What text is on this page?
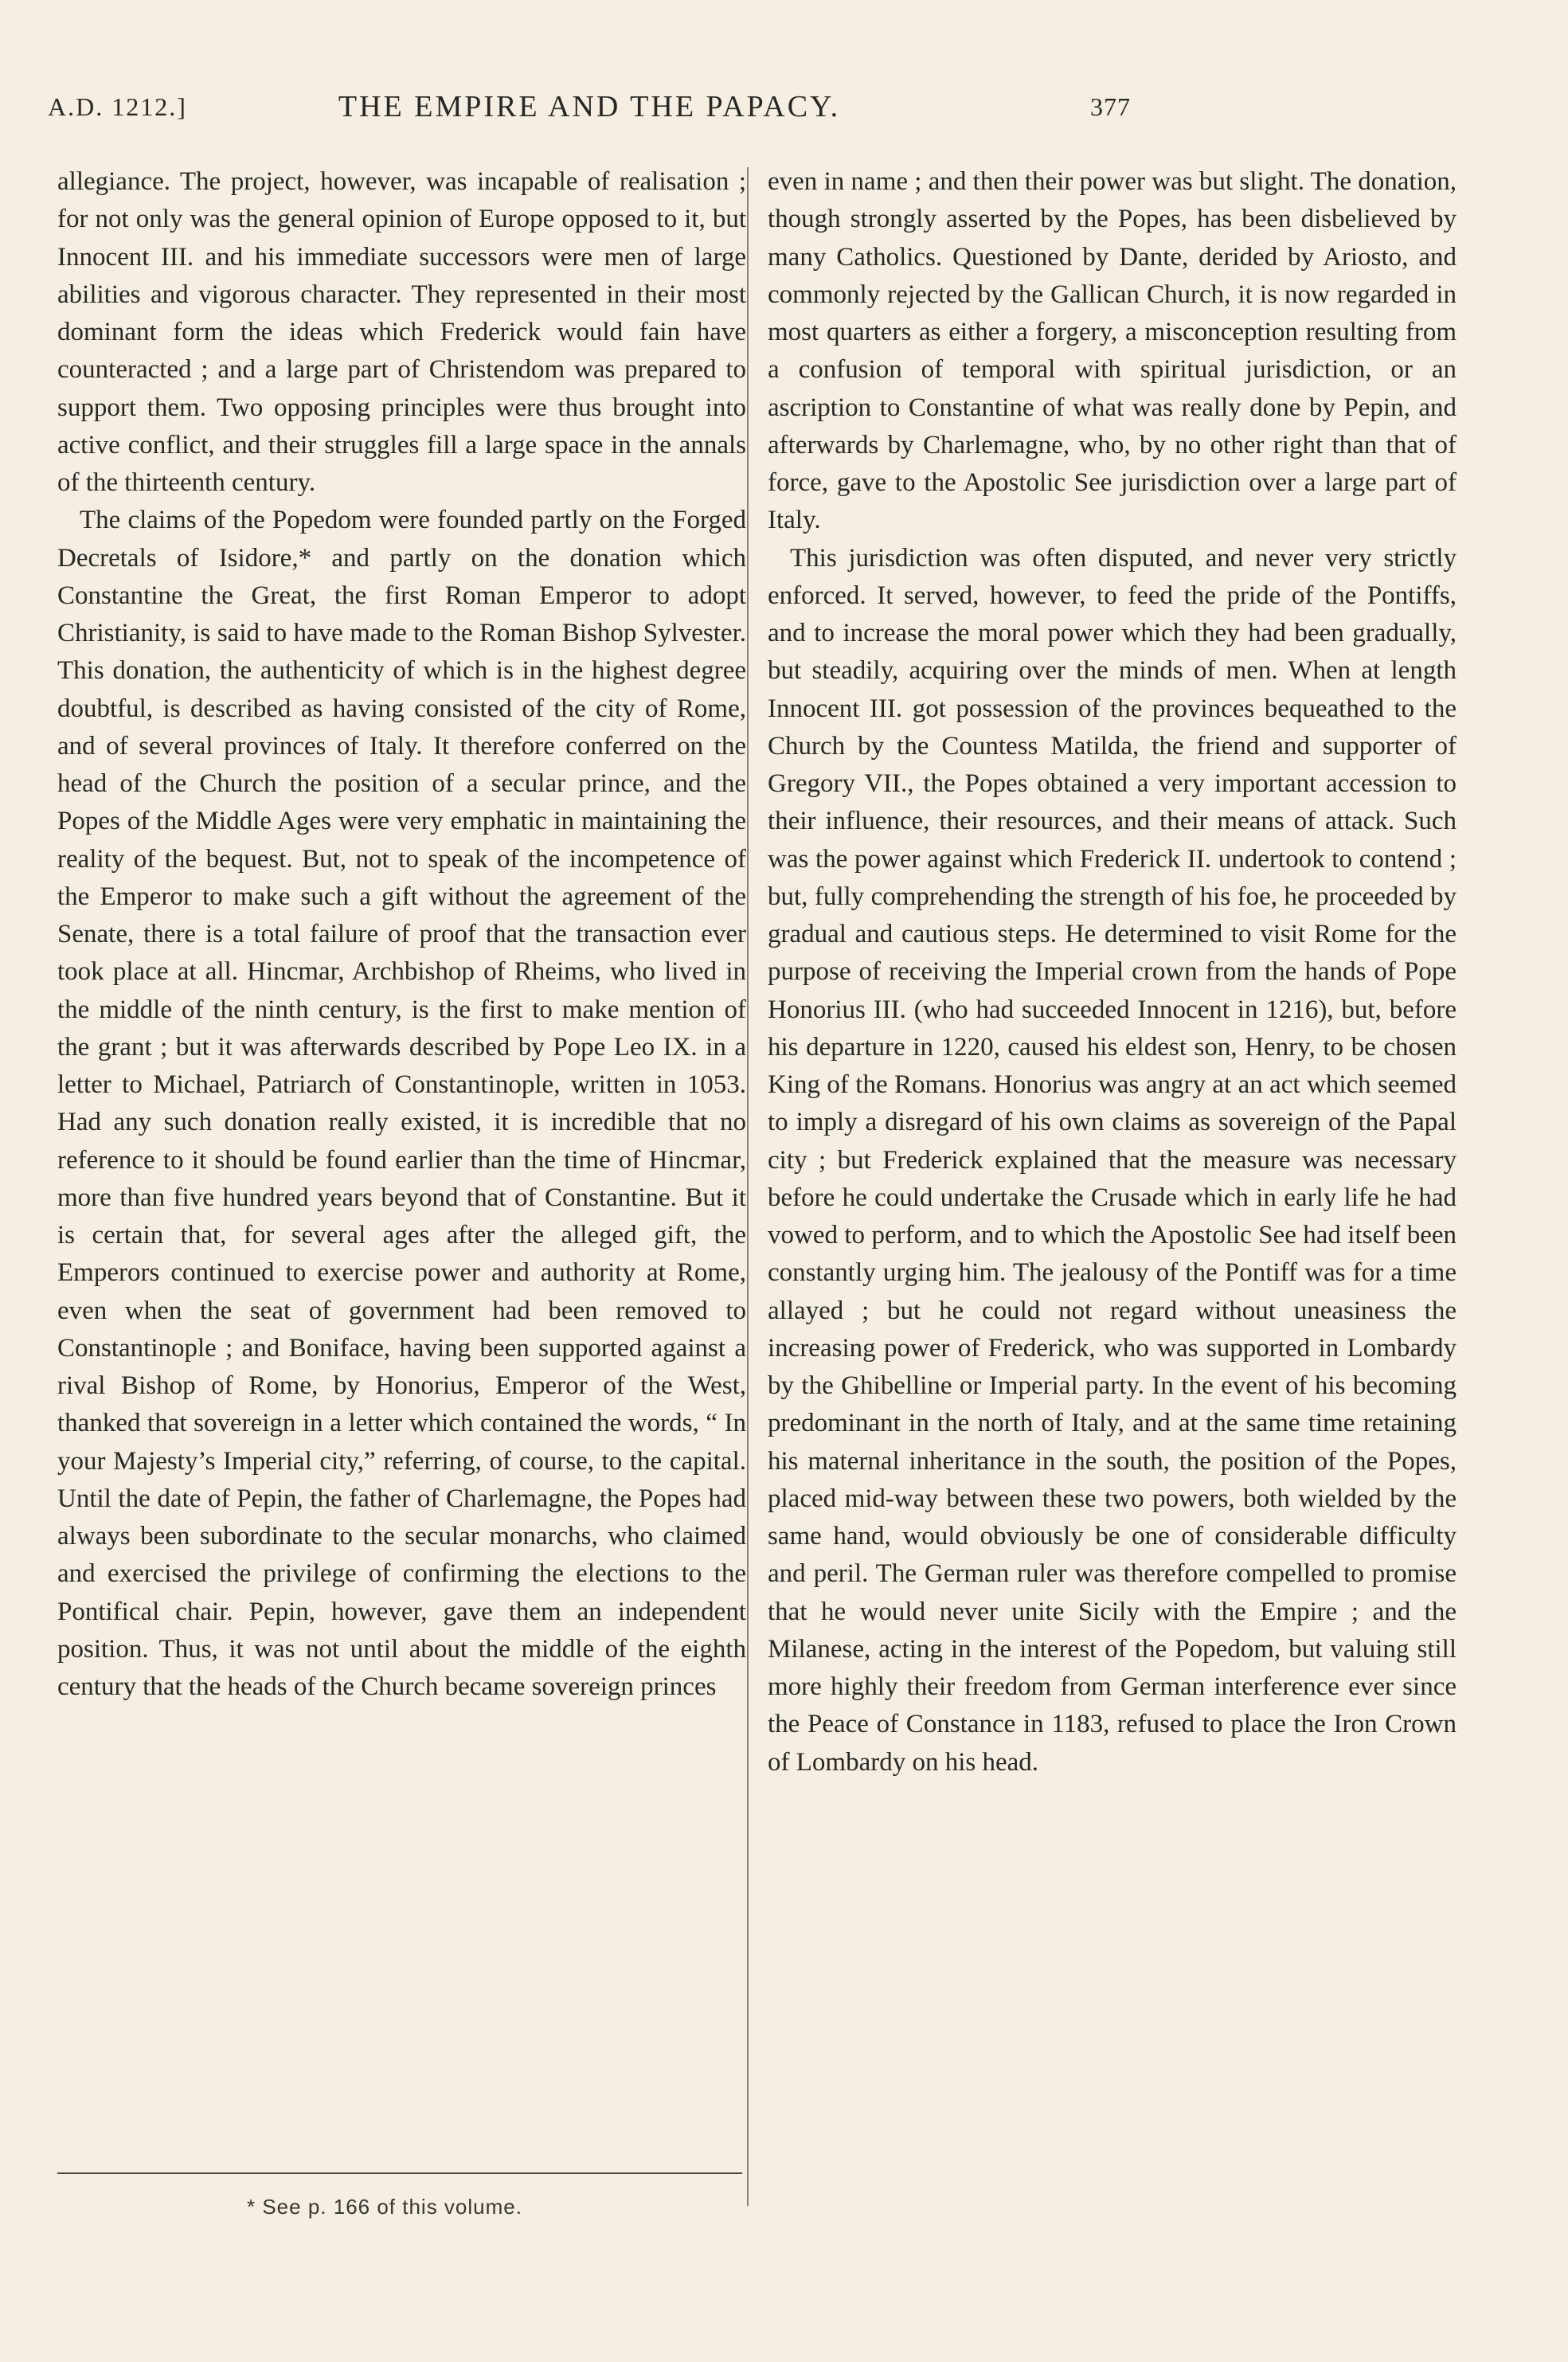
A.D. 1212.]	THE EMPIRE AND THE PAPACY.	377

allegiance. The project, however, was incapable of realisation ; for not only was the general opinion of Europe opposed to it, but Innocent III. and his immediate successors were men of large abilities and vigorous character. They represented in their most dominant form the ideas which Frederick would fain have counteracted ; and a large part of Christendom was prepared to support them. Two opposing principles were thus brought into active conflict, and their struggles fill a large space in the annals of the thirteenth century.

The claims of the Popedom were founded partly on the Forged Decretals of Isidore,* and partly on the donation which Constantine the Great, the first Roman Emperor to adopt Christianity, is said to have made to the Roman Bishop Sylvester. This donation, the authenticity of which is in the highest degree doubtful, is described as having consisted of the city of Rome, and of several provinces of Italy. It therefore conferred on the head of the Church the position of a secular prince, and the Popes of the Middle Ages were very emphatic in maintaining the reality of the bequest. But, not to speak of the incompetence of the Emperor to make such a gift without the agreement of the Senate, there is a total failure of proof that the transaction ever took place at all. Hincmar, Archbishop of Rheims, who lived in the middle of the ninth century, is the first to make mention of the grant ; but it was afterwards described by Pope Leo IX. in a letter to Michael, Patriarch of Constantinople, written in 1053. Had any such donation really existed, it is incredible that no reference to it should be found earlier than the time of Hincmar, more than five hundred years beyond that of Constantine. But it is certain that, for several ages after the alleged gift, the Emperors continued to exercise power and authority at Rome, even when the seat of government had been removed to Constantinople ; and Boniface, having been supported against a rival Bishop of Rome, by Honorius, Emperor of the West, thanked that sovereign in a letter which contained the words, “ In your Majesty’s Imperial city,” referring, of course, to the capital. Until the date of Pepin, the father of Charlemagne, the Popes had always been subordinate to the secular monarchs, who claimed and exercised the privilege of confirming the elections to the Pontifical chair. Pepin, however, gave them an independent position. Thus, it was not until about the middle of the eighth century that the heads of the Church became sovereign princes

even in name ; and then their power was but slight. The donation, though strongly asserted by the Popes, has been disbelieved by many Catholics. Questioned by Dante, derided by Ariosto, and commonly rejected by the Gallican Church, it is now regarded in most quarters as either a forgery, a misconception resulting from a confusion of temporal with spiritual jurisdiction, or an ascription to Constantine of what was really done by Pepin, and afterwards by Charlemagne, who, by no other right than that of force, gave to the Apostolic See jurisdiction over a large part of Italy.

This jurisdiction was often disputed, and never very strictly enforced. It served, however, to feed the pride of the Pontiffs, and to increase the moral power which they had been gradually, but steadily, acquiring over the minds of men. When at length Innocent III. got possession of the provinces bequeathed to the Church by the Countess Matilda, the friend and supporter of Gregory VII., the Popes obtained a very important accession to their influence, their resources, and their means of attack. Such was the power against which Frederick II. undertook to contend ; but, fully comprehending the strength of his foe, he proceeded by gradual and cautious steps. He determined to visit Rome for the purpose of receiving the Imperial crown from the hands of Pope Honorius III. (who had succeeded Innocent in 1216), but, before his departure in 1220, caused his eldest son, Henry, to be chosen King of the Romans. Honorius was angry at an act which seemed to imply a disregard of his own claims as sovereign of the Papal city ; but Frederick explained that the measure was necessary before he could undertake the Crusade which in early life he had vowed to perform, and to which the Apostolic See had itself been constantly urging him. The jealousy of the Pontiff was for a time allayed ; but he could not regard without uneasiness the increasing power of Frederick, who was supported in Lombardy by the Ghibelline or Imperial party. In the event of his becoming predominant in the north of Italy, and at the same time retaining his maternal inheritance in the south, the position of the Popes, placed mid-way between these two powers, both wielded by the same hand, would obviously be one of considerable difficulty and peril. The German ruler was therefore compelled to promise that he would never unite Sicily with the Empire ; and the Milanese, acting in the interest of the Popedom, but valuing still more highly their freedom from German interference ever since the Peace of Constance in 1183, refused to place the Iron Crown of Lombardy on his head.

* See p. 166 of this volume.
